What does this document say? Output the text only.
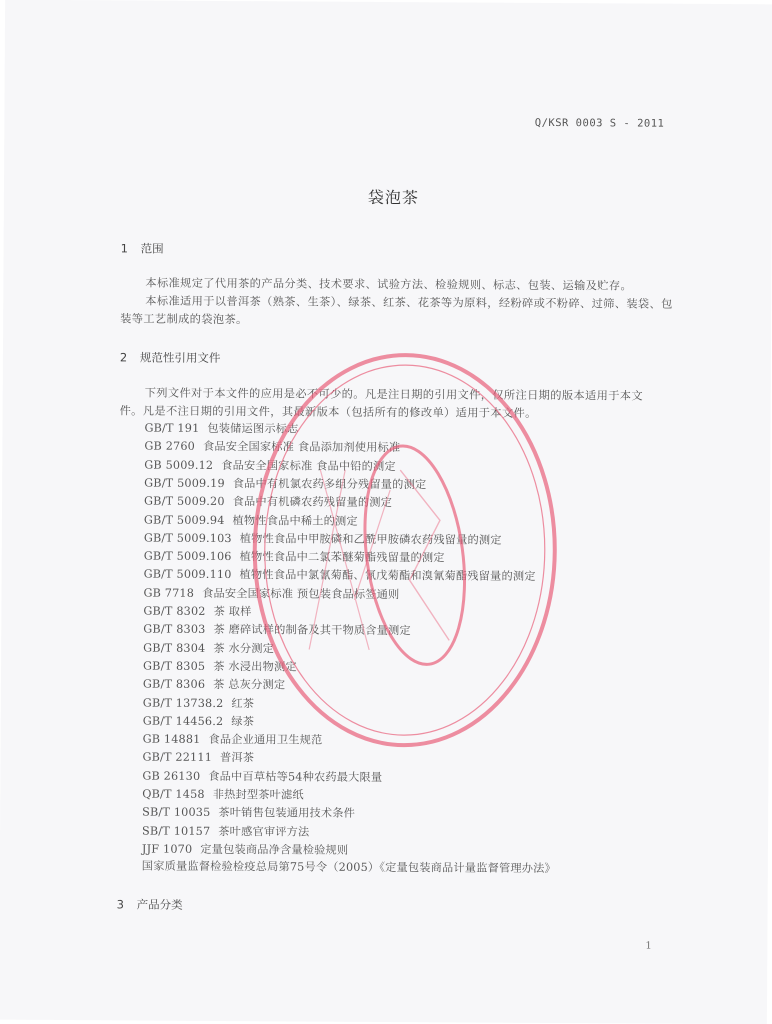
Q/KSR 0003 S - 2011
袋泡茶
1 范围
本标准规定了代用茶的产品分类、技术要求、试验方法、检验规则、标志、包装、运输及贮存。
本标准适用于以普洱茶（熟茶、生茶）、绿茶、红茶、花茶等为原料，经粉碎或不粉碎、过筛、装袋、包
装等工艺制成的袋泡茶。
2 规范性引用文件
下列文件对于本文件的应用是必不可少的。凡是注日期的引用文件，仅所注日期的版本适用于本文
件。凡是不注日期的引用文件，其最新版本（包括所有的修改单）适用于本文件。
GB/T 191 包装储运图示标志
GB 2760 食品安全国家标准 食品添加剂使用标准
GB 5009.12 食品安全国家标准 食品中铅的测定
GB/T 5009.19 食品中有机氯农药多组分残留量的测定
GB/T 5009.20 食品中有机磷农药残留量的测定
GB/T 5009.94 植物性食品中稀土的测定
GB/T 5009.103 植物性食品中甲胺磷和乙酰甲胺磷农药残留量的测定
GB/T 5009.106 植物性食品中二氯苯醚菊酯残留量的测定
GB/T 5009.110 植物性食品中氯氰菊酯、氰戊菊酯和溴氰菊酯残留量的测定
GB 7718 食品安全国家标准 预包装食品标签通则
GB/T 8302 茶 取样
GB/T 8303 茶 磨碎试样的制备及其干物质含量测定
GB/T 8304 茶 水分测定
GB/T 8305 茶 水浸出物测定
GB/T 8306 茶 总灰分测定
GB/T 13738.2 红茶
GB/T 14456.2 绿茶
GB 14881 食品企业通用卫生规范
GB/T 22111 普洱茶
GB 26130 食品中百草枯等54种农药最大限量
QB/T 1458 非热封型茶叶滤纸
SB/T 10035 茶叶销售包装通用技术条件
SB/T 10157 茶叶感官审评方法
JJF 1070 定量包装商品净含量检验规则
国家质量监督检验检疫总局第75号令（2005）《定量包装商品计量监督管理办法》
3 产品分类
1
